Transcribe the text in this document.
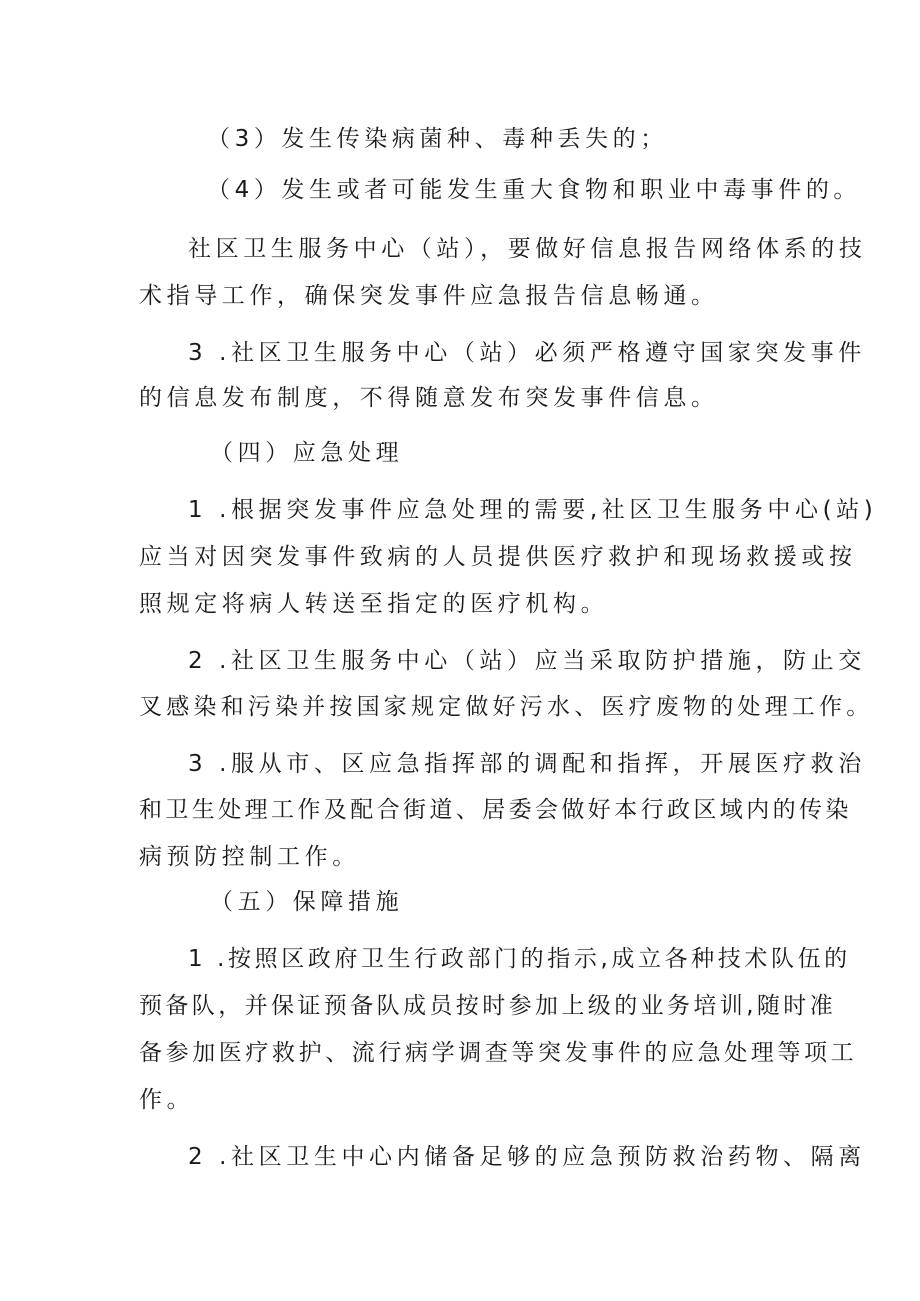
（3）发生传染病菌种、毒种丢失的；
（4）发生或者可能发生重大食物和职业中毒事件的。
社区卫生服务中心（站），要做好信息报告网络体系的技
术指导工作，确保突发事件应急报告信息畅通。
3 .社区卫生服务中心（站）必须严格遵守国家突发事件
的信息发布制度，不得随意发布突发事件信息。
（四）应急处理
1 .根据突发事件应急处理的需要,社区卫生服务中心(站)
应当对因突发事件致病的人员提供医疗救护和现场救援或按
照规定将病人转送至指定的医疗机构。
2 .社区卫生服务中心（站）应当采取防护措施，防止交
叉感染和污染并按国家规定做好污水、医疗废物的处理工作。
3 .服从市、区应急指挥部的调配和指挥，开展医疗救治
和卫生处理工作及配合街道、居委会做好本行政区域内的传染
病预防控制工作。
（五）保障措施
1 .按照区政府卫生行政部门的指示,成立各种技术队伍的
预备队，并保证预备队成员按时参加上级的业务培训,随时准
备参加医疗救护、流行病学调查等突发事件的应急处理等项工
作。
2 .社区卫生中心内储备足够的应急预防救治药物、隔离
